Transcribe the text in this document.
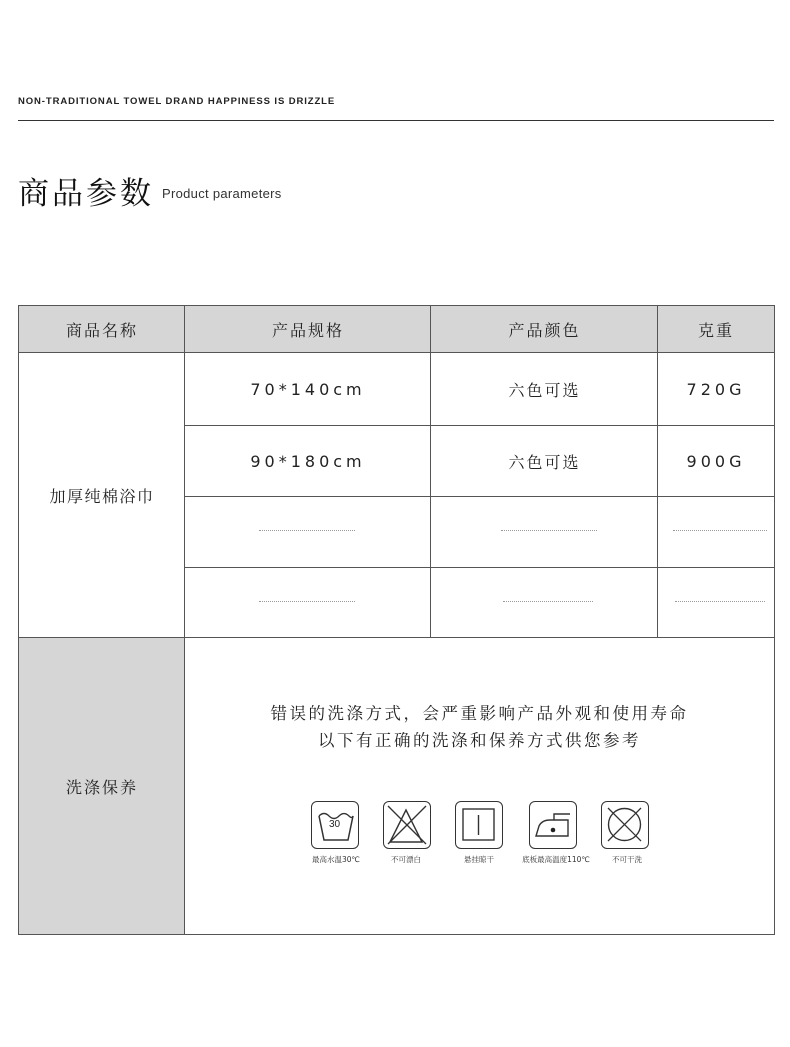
NON-TRADITIONAL TOWEL DRAND HAPPINESS IS DRIZZLE
商品参数 Product parameters
商品名称	产品规格	产品颜色	克重
加厚纯棉浴巾
70*140cm	六色可选	720G
90*180cm	六色可选	900G
洗涤保养
错误的洗涤方式，会严重影响产品外观和使用寿命
以下有正确的洗涤和保养方式供您参考
30
最高水温30℃	不可漂白	悬挂晾干	底板最高温度110℃	不可干洗
